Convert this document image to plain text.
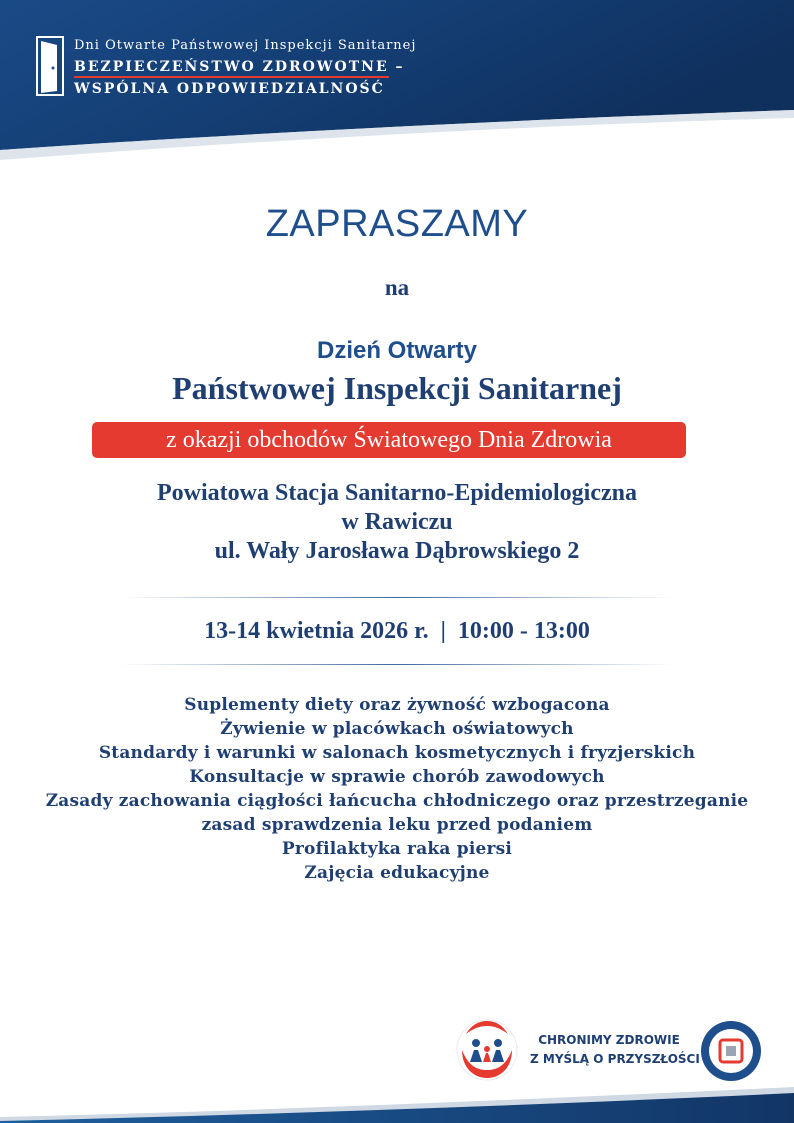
Dni Otwarte Państwowej Inspekcji Sanitarnej
BEZPIECZEŃSTWO ZDROWOTNE –
WSPÓLNA ODPOWIEDZIALNOŚĆ
ZAPRASZAMY
na
Dzień Otwarty
Państwowej Inspekcji Sanitarnej
z okazji obchodów Światowego Dnia Zdrowia
Powiatowa Stacja Sanitarno-Epidemiologiczna
w Rawiczu
ul. Wały Jarosława Dąbrowskiego 2
13-14 kwietnia 2026 r.  |  10:00 - 13:00
Suplementy diety oraz żywność wzbogacona
Żywienie w placówkach oświatowych
Standardy i warunki w salonach kosmetycznych i fryzjerskich
Konsultacje w sprawie chorób zawodowych
Zasady zachowania ciągłości łańcucha chłodniczego oraz przestrzeganie
zasad sprawdzenia leku przed podaniem
Profilaktyka raka piersi
Zajęcia edukacyjne
CHRONIMY ZDROWIE
Z MYŚLĄ O PRZYSZŁOŚCI
